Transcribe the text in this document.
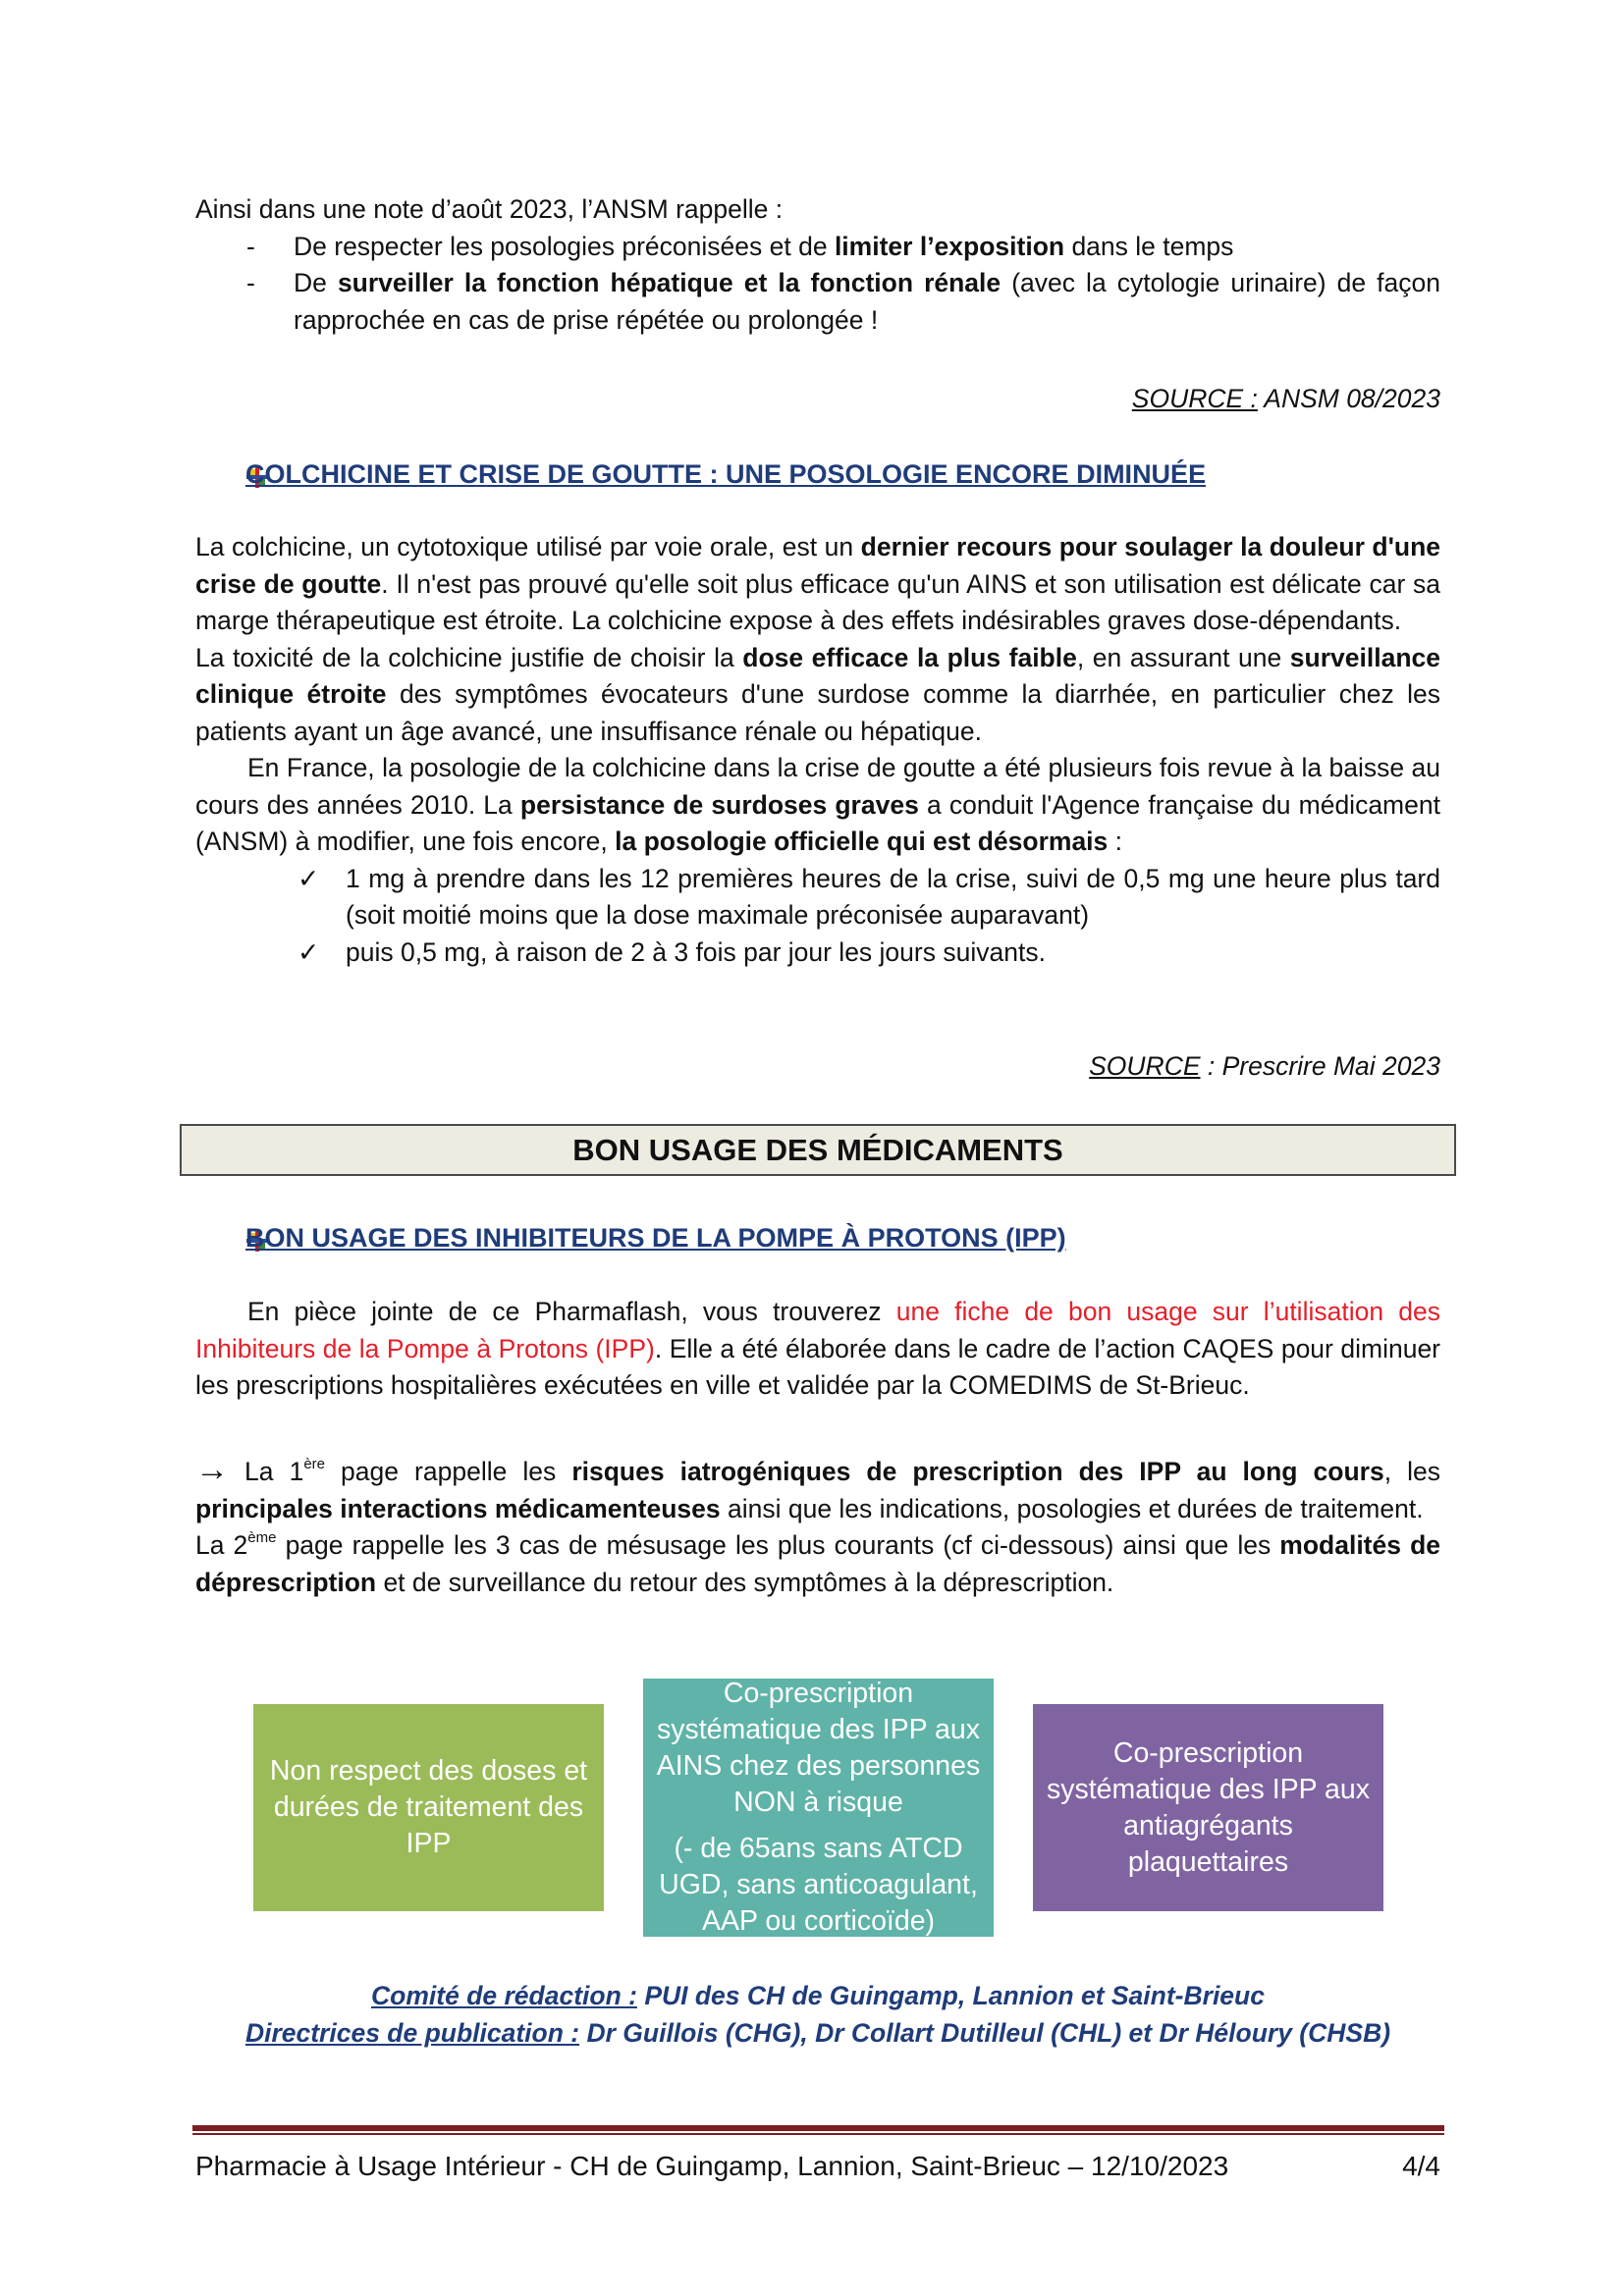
Ainsi dans une note d’août 2023, l’ANSM rappelle :

- De respecter les posologies préconisées et de limiter l’exposition dans le temps
- De surveiller la fonction hépatique et la fonction rénale (avec la cytologie urinaire) de façon rapprochée en cas de prise répétée ou prolongée !
SOURCE : ANSM 08/2023
COLCHICINE ET CRISE DE GOUTTE : UNE POSOLOGIE ENCORE DIMINUÉE

La colchicine, un cytotoxique utilisé par voie orale, est un dernier recours pour soulager la douleur d'une crise de goutte. Il n'est pas prouvé qu'elle soit plus efficace qu'un AINS et son utilisation est délicate car sa marge thérapeutique est étroite. La colchicine expose à des effets indésirables graves dose-dépendants.

La toxicité de la colchicine justifie de choisir la dose efficace la plus faible, en assurant une surveillance clinique étroite des symptômes évocateurs d'une surdose comme la diarrhée, en particulier chez les patients ayant un âge avancé, une insuffisance rénale ou hépatique.

En France, la posologie de la colchicine dans la crise de goutte a été plusieurs fois revue à la baisse au cours des années 2010. La persistance de surdoses graves a conduit l'Agence française du médicament (ANSM) à modifier, une fois encore, la posologie officielle qui est désormais :

✓ 1 mg à prendre dans les 12 premières heures de la crise, suivi de 0,5 mg une heure plus tard (soit moitié moins que la dose maximale préconisée auparavant)
✓ puis 0,5 mg, à raison de 2 à 3 fois par jour les jours suivants.
SOURCE : Prescrire Mai 2023
BON USAGE DES MÉDICAMENTS
BON USAGE DES INHIBITEURS DE LA POMPE À PROTONS (IPP)

En pièce jointe de ce Pharmaflash, vous trouverez une fiche de bon usage sur l’utilisation des Inhibiteurs de la Pompe à Protons (IPP). Elle a été élaborée dans le cadre de l’action CAQES pour diminuer les prescriptions hospitalières exécutées en ville et validée par la COMEDIMS de St-Brieuc.

→ La 1ère page rappelle les risques iatrogéniques de prescription des IPP au long cours, les principales interactions médicamenteuses ainsi que les indications, posologies et durées de traitement.

La 2ème page rappelle les 3 cas de mésusage les plus courants (cf ci-dessous) ainsi que les modalités de déprescription et de surveillance du retour des symptômes à la déprescription.

Non respect des doses et durées de traitement des IPP
Co-prescription systématique des IPP aux AINS chez des personnes NON à risque
(- de 65ans sans ATCD UGD, sans anticoagulant, AAP ou corticoïde)
Co-prescription systématique des IPP aux antiagrégants plaquettaires
Comité de rédaction : PUI des CH de Guingamp, Lannion et Saint-Brieuc
Directrices de publication : Dr Guillois (CHG), Dr Collart Dutilleul (CHL) et Dr Héloury (CHSB)
Pharmacie à Usage Intérieur - CH de Guingamp, Lannion, Saint-Brieuc – 12/10/2023	4/4
